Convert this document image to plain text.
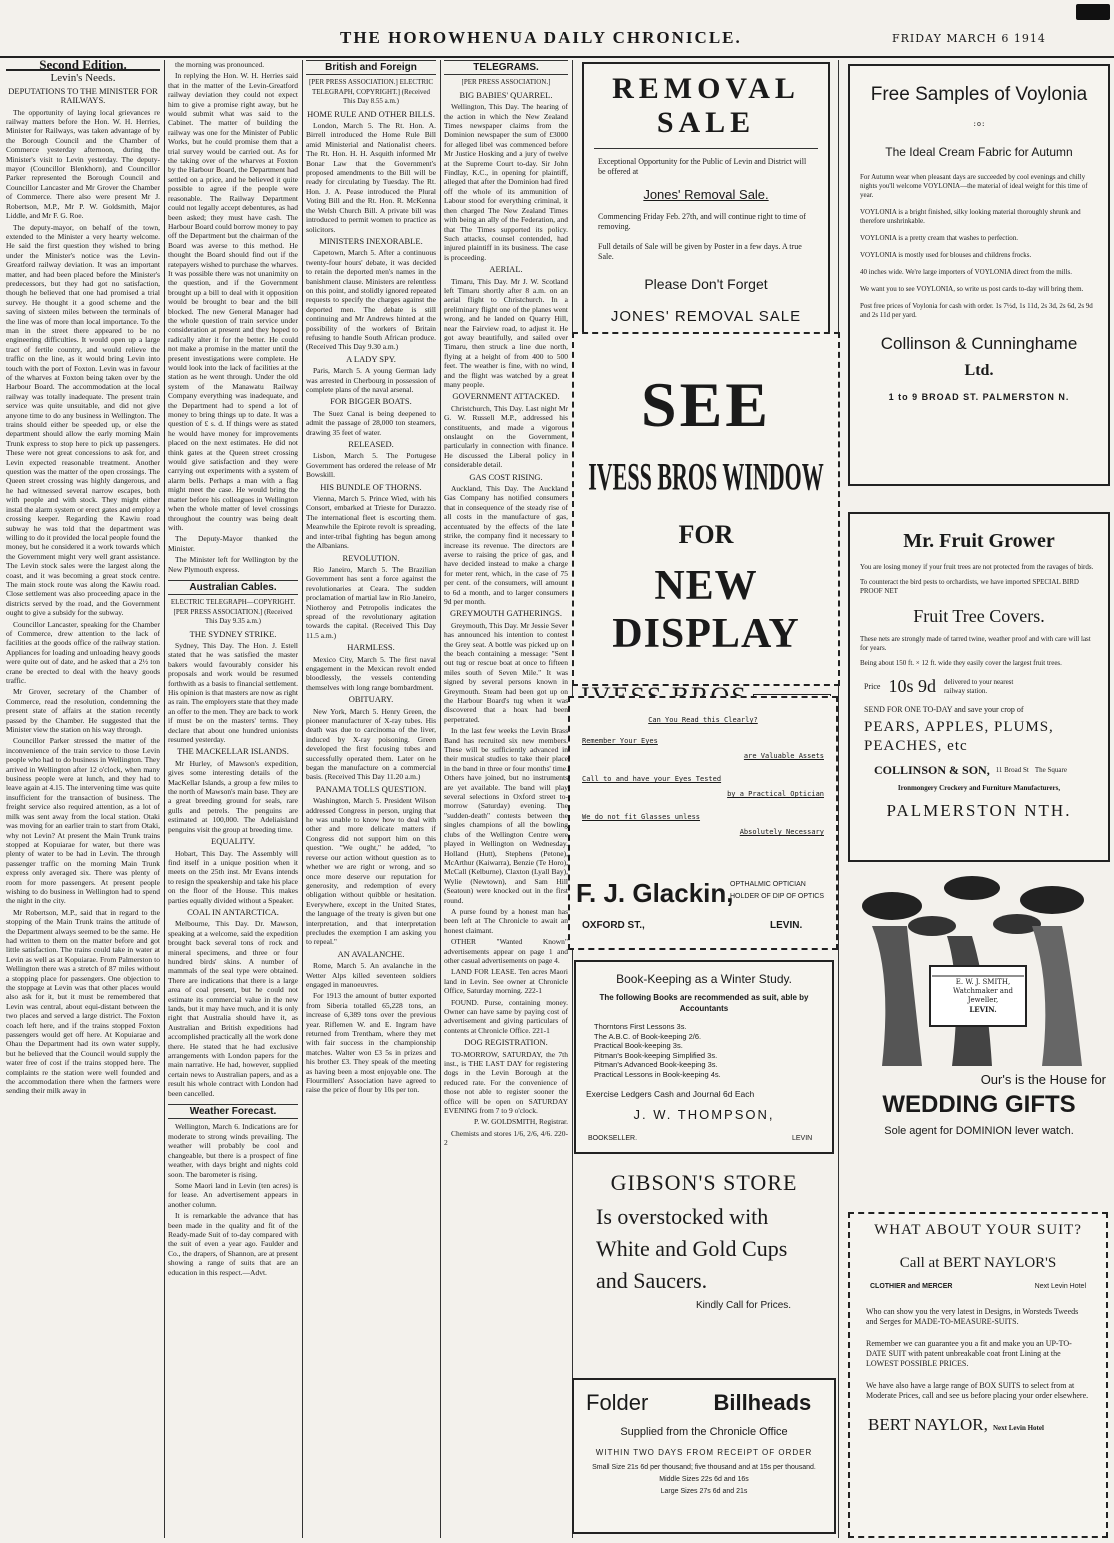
THE HOROWHENUA DAILY CHRONICLE.	FRIDAY MARCH 6 1914
Second Edition.
Levin's Needs.
DEPUTATIONS TO THE MINISTER FOR RAILWAYS.

The opportunity of laying local grievances re railway matters before the Hon. W. H. Herries, Minister for Railways, was taken advantage of by the Borough Council and the Chamber of Commerce yesterday afternoon, during the Minister's visit to Levin yesterday. The deputy-mayor (Councillor Blenkhorn), and Councillor Parker represented the Borough Council and Councillor Lancaster and Mr Grover the Chamber of Commerce. There also were present Mr J. Robertson, M.P., Mr P. W. Goldsmith, Major Liddle, and Mr F. G. Roe.

The deputy-mayor, on behalf of the town, extended to the Minister a very hearty welcome. He said the first question they wished to bring under the Minister's notice was the Levin-Greatford railway deviation. It was an important matter, and had been placed before the Minister's predecessors, but they had got no satisfaction, though he believed that one had promised a trial survey. He thought it a good scheme and the saving of sixteen miles between the terminals of the line was of more than local importance. To the man in the street there appeared to be no engineering difficulties. It would open up a large tract of fertile country, and would relieve the traffic on the line, as it would bring Levin into touch with the port of Foxton. Levin was in favour of the wharves at Foxton being taken over by the Harbour Board. The accommodation at the local railway was totally inadequate. The present train service was quite unsuitable, and did not give anyone time to do any business in Wellington. The trains should either be speeded up, or else the department should allow the early morning Main Trunk express to stop here to pick up passengers. These were not great concessions to ask for, and Levin expected reasonable treatment. Another question was the matter of the open crossings. The Queen street crossing was highly dangerous, and he had witnessed several narrow escapes, both with people and with stock. They might either instal the alarm system or erect gates and employ a crossing keeper. Regarding the Kawiu road subway he was told that the department was willing to do it provided the local people found the money, but he considered it a work towards which the Government might very well grant assistance. The Levin stock sales were the largest along the coast, and it was becoming a great stock centre. The main stock route was along the Kawiu road. Close settlement was also proceeding apace in the districts served by the road, and the Government ought to give a subsidy for the subway.

Councillor Lancaster, speaking for the Chamber of Commerce, drew attention to the lack of facilities at the goods office of the railway station. Appliances for loading and unloading heavy goods were quite out of date, and he asked that a 2½ ton crane be erected to deal with the heavy goods traffic.

Mr Grover, secretary of the Chamber of Commerce, read the resolution, condemning the present state of affairs at the station recently passed by the Chamber. He suggested that the Minister view the station on his way through.

Councillor Parker stressed the matter of the inconvenience of the train service to those Levin people who had to do business in Wellington. They arrived in Wellington after 12 o'clock, when many business people were at lunch, and they had to leave again at 4.15. The intervening time was quite insufficient for the transaction of business. The freight service also required attention, as a lot of milk was sent away from the local station. Otaki was moving for an earlier train to start from Otaki, why not Levin? At present the Main Trunk trains stopped at Kopuiarae for water, but there was plenty of water to be had in Levin. The through passenger traffic on the morning Main Trunk express only averaged six. There was plenty of room for more passengers. At present people wishing to do business in Wellington had to spend the night in the city.

Mr Robertson, M.P., said that in regard to the stopping of the Main Trunk trains the attitude of the Department always seemed to be the same. He had written to them on the matter before and got little satisfaction. The trains could take in water at Levin as well as at Kopuiarae. From Palmerston to Wellington there was a stretch of 87 miles without a stopping place for passengers. One objection to the stoppage at Levin was that other places would also ask for it, but it must be remembered that Levin was central, about equi-distant between the two places and served a large district. The Foxton coach left here, and if the trains stopped Foxton passengers would get off here. At Kopuiarae and Ohau the Department had its own water supply, but he believed that the Council would supply the water free of cost if the trains stopped here. The complaints re the station were well founded and the accommodation there when the farmers were sending their milk away in

the morning was pronounced.

In replying the Hon. W. H. Herries said that in the matter of the Levin-Greatford railway deviation they could not expect him to give a promise right away, but he would submit what was said to the Cabinet. The matter of building the railway was one for the Minister of Public Works, but he could promise them that a trial survey would be carried out. As for the taking over of the wharves at Foxton by the Harbour Board, the Department had settled on a price, and he believed it quite possible to agree if the people were reasonable. The Railway Department could not legally accept debentures, as had been asked; they must have cash. The Harbour Board could borrow money to pay off the Department but the chairman of the Board was averse to this method. He thought the Board should find out if the ratepayers wished to purchase the wharves. It was possible there was not unanimity on the question, and if the Government brought up a bill to deal with it opposition would be brought to bear and the bill blocked. The new General Manager had the whole question of train service under consideration at present and they hoped to radically alter it for the better. He could not make a promise in the matter until the present investigations were complete. He would look into the lack of facilities at the station as he went through. Under the old system of the Manawatu Railway Company everything was inadequate, and the Department had to spend a lot of money to bring things up to date. It was a question of £ s. d. If things were as stated he would have money for improvements placed on the next estimates. He did not think gates at the Queen street crossing would give satisfaction and they were carrying out experiments with a system of alarm bells. Perhaps a man with a flag might meet the case. He would bring the matter before his colleagues in Wellington when the whole matter of level crossings throughout the country was being dealt with.

The Deputy-Mayor thanked the Minister.

The Minister left for Wellington by the New Plymouth express.

Australian Cables.
ELECTRIC TELEGRAPH—COPYRIGHT. [PER PRESS ASSOCIATION.] (Received This Day 9.35 a.m.)
THE SYDNEY STRIKE.

Sydney, This Day. The Hon. J. Estell stated that he was satisfied the master bakers would favourably consider his proposals and work would be resumed forthwith as a basis to financial settlement. His opinion is that masters are now as right as rain. The employers state that they made an offer to the men. They are back to work if must be on the masters' terms. They declare that about one hundred unionists resumed yesterday.

THE MACKELLAR ISLANDS.

Mr Hurley, of Mawson's expedition, gives some interesting details of the MacKellar Islands, a group a few miles to the north of Mawson's main base. They are a great breeding ground for seals, rare gulls and petrels. The penguins are estimated at 100,000. The Adeliaisland penguins visit the group at breeding time.

EQUALITY.

Hobart, This Day. The Assembly will find itself in a unique position when it meets on the 25th inst. Mr Evans intends to resign the speakership and take his place on the floor of the House. This makes parties equally divided without a Speaker.

COAL IN ANTARCTICA.

Melbourne, This Day. Dr. Mawson, speaking at a welcome, said the expedition brought back several tons of rock and mineral specimens, and three or four hundred birds' skins. A number of mammals of the seal type were obtained. There are indications that there is a large area of coal present, but he could not estimate its commercial value in the new lands, but it may have much, and it is only right that Australia should have it, as Australian and British expeditions had accomplished practically all the work done there. He stated that he had exclusive arrangements with London papers for the main narrative. He had, however, supplied certain news to Australian papers, and as a result his whole contract with London had been cancelled.

Weather Forecast.

Wellington, March 6. Indications are for moderate to strong winds prevailing. The weather will probably be cool and changeable, but there is a prospect of fine weather, with days bright and nights cold soon. The barometer is rising.

Some Maori land in Levin (ten acres) is for lease. An advertisement appears in another column.

It is remarkable the advance that has been made in the quality and fit of the Ready-made Suit of to-day compared with the suit of even a year ago. Faulder and Co., the drapers, of Shannon, are at present showing a range of suits that are an education in this respect.—Advt.

British and Foreign
[PER PRESS ASSOCIATION.] ELECTRIC TELEGRAPH, COPYRIGHT.] (Received This Day 8.55 a.m.)
HOME RULE AND OTHER BILLS.

London, March 5. The Rt. Hon. A. Birrell introduced the Home Rule Bill amid Ministerial and Nationalist cheers. The Rt. Hon. H. H. Asquith informed Mr Bonar Law that the Government's proposed amendments to the Bill will be ready for circulating by Tuesday. The Rt. Hon. J. A. Pease introduced the Plural Voting Bill and the Rt. Hon. R. McKenna the Welsh Church Bill. A private bill was introduced to permit women to practice as solicitors.

MINISTERS INEXORABLE.

Capetown, March 5. After a continuous twenty-four hours' debate, it was decided to retain the deported men's names in the banishment clause. Ministers are relentless on this point, and stolidly ignored repeated requests to specify the charges against the deported men. The debate is still continuing and Mr Andrews hinted at the possibility of the workers of Britain refusing to handle South African produce. (Received This Day 9.30 a.m.)

A LADY SPY.

Paris, March 5. A young German lady was arrested in Cherbourg in possession of complete plans of the naval arsenal.

FOR BIGGER BOATS.

The Suez Canal is being deepened to admit the passage of 28,000 ton steamers, drawing 35 feet of water.

RELEASED.

Lisbon, March 5. The Portugese Government has ordered the release of Mr Bowskill.

HIS BUNDLE OF THORNS.

Vienna, March 5. Prince Wied, with his Consort, embarked at Trieste for Durazzo. The international fleet is escorting them. Meanwhile the Epirote revolt is spreading, and inter-tribal fighting has begun among the Albanians.

REVOLUTION.

Rio Janeiro, March 5. The Brazilian Government has sent a force against the revolutionaries at Ceara. The sudden proclamation of martial law in Rio Janeiro, Niotheroy and Petropolis indicates the spread of the revolutionary agitation towards the capital. (Received This Day 11.5 a.m.)

HARMLESS.

Mexico City, March 5. The first naval engagement in the Mexican revolt ended bloodlessly, the vessels contending themselves with long range bombardment.

OBITUARY.

New York, March 5. Henry Green, the pioneer manufacturer of X-ray tubes. His death was due to carcinoma of the liver, induced by X-ray poisoning. Green developed the first focusing tubes and successfully operated them. Later on he began the manufacture on a commercial basis. (Received This Day 11.20 a.m.)

PANAMA TOLLS QUESTION.

Washington, March 5. President Wilson addressed Congress in person, urging that he was unable to know how to deal with other and more delicate matters if Congress did not support him on this question. "We ought," he added, "to reverse our action without question as to whether we are right or wrong, and so once more deserve our reputation for generosity, and redemption of every obligation without quibble or hesitation. Everywhere, except in the United States, the language of the treaty is given but one interpretation, and that interpretation precludes the exemption I am asking you to repeal."

AN AVALANCHE.

Rome, March 5. An avalanche in the Wetter Alps killed seventeen soldiers engaged in manoeuvres.

For 1913 the amount of butter exported from Siberia totalled 65,228 tons, an increase of 6,389 tons over the previous year. Riflemen W. and E. Ingram have returned from Trentham, where they met with fair success in the championship matches. Walter won £3 5s in prizes and his brother £3. They speak of the meeting as having been a most enjoyable one. The Flourmillers' Association have agreed to raise the price of flour by 10s per ton.

TELEGRAMS.
[PER PRESS ASSOCIATION.]
BIG BABIES' QUARREL.

Wellington, This Day. The hearing of the action in which the New Zealand Times newspaper claims from the Dominion newspaper the sum of £3000 for alleged libel was commenced before Mr Justice Hosking and a jury of twelve at the Supreme Court to-day. Sir John Findlay, K.C., in opening for plaintiff, alleged that after the Dominion had fired off the whole of its ammunition of Labour stood for everything criminal, it then charged The New Zealand Times with being an ally of the Federation, and that The Times supported its policy. Such attacks, counsel contended, had injured plaintiff in its business. The case is proceeding.

AERIAL.

Timaru, This Day. Mr J. W. Scotland left Timaru shortly after 8 a.m. on an aerial flight to Christchurch. In a preliminary flight one of the planes went wrong, and he landed on Quarry Hill, near the Fairview road, to adjust it. He got away beautifully, and sailed over Timaru, then struck a line due north, flying at a height of from 400 to 500 feet. The weather is fine, with no wind, and the flight was watched by a great many people.

GOVERNMENT ATTACKED.

Christchurch, This Day. Last night Mr G. W. Russell M.P., addressed his constituents, and made a vigorous onslaught on the Government, particularly in connection with finance. He discussed the Liberal policy in considerable detail.

GAS COST RISING.

Auckland, This Day. The Auckland Gas Company has notified consumers that in consequence of the steady rise of all costs in the manufacture of gas, accentuated by the effects of the late strike, the company find it necessary to increase its revenue. The directors are averse to raising the price of gas, and have decided instead to make a charge for meter rent, which, in the case of 75 per cent. of the consumers, will amount to 6d a month, and to larger consumers 9d per month.

GREYMOUTH GATHERINGS.

Greymouth, This Day. Mr Jessie Sever has announced his intention to contest the Grey seat. A bottle was picked up on the beach containing a message: "Sent out tug or rescue boat at once to fifteen miles south of Seven Mile." It was signed by several persons known in Greymouth. Steam had been got up on the Harbour Board's tug when it was discovered that a hoax had been perpetrated.

In the last few weeks the Levin Brass Band has recruited six new members. These will be sufficiently advanced in their musical studies to take their place in the band in three or four months' time. Others have joined, but no instruments are yet available. The band will play several selections in Oxford street to-morrow (Saturday) evening. The "sudden-death" contests between the singles champions of all the bowling clubs of the Wellington Centre were played in Wellington on Wednesday. Holland (Hutt), Stephens (Petone), McArthur (Kaiwarra), Benzie (Te Horo), McCall (Kelburne), Claxton (Lyall Bay), Wylie (Newtown), and Sam Hill (Seatoun) were knocked out in the first round.

A purse found by a honest man has been left at The Chronicle to await an honest claimant.

OTHER "Wanted Known" advertisements appear on page 1 and other casual advertisements on page 4.

LAND FOR LEASE. Ten acres Maori land in Levin. See owner at Chronicle Office, Saturday morning. 222-1

FOUND. Purse, containing money. Owner can have same by paying cost of advertisement and giving particulars of contents at Chronicle Office. 221-1

DOG REGISTRATION.

TO-MORROW, SATURDAY, the 7th inst., is THE LAST DAY for registering dogs in the Levin Borough at the reduced rate. For the convenience of those not able to register sooner the office will be open on SATURDAY EVENING from 7 to 9 o'clock.

P. W. GOLDSMITH, Registrar.

Chemists and stores 1/6, 2/6, 4/6. 220-2

REMOVAL SALE
Exceptional Opportunity for the Public of Levin and District will be offered at
Jones' Removal Sale.
Commencing Friday Feb. 27th, and will continue right to time of removing.
Full details of Sale will be given by Poster in a few days. A true Sale.
Please Don't Forget
JONES' REMOVAL SALE
SEE
IVESS BROS WINDOW
FOR
NEW DISPLAY
Can You Read this Clearly?
Remember Your Eyes
are Valuable Assets
Call to and have your Eyes Tested
by a Practical Optician
We do not fit Glasses unless
Absolutely Necessary
F. J. Glackin,
OPTHALMIC OPTICIAN
HOLDER OF DIP OF OPTICS
OXFORD ST.,	LEVIN.
Book-Keeping as a Winter Study.
The following Books are recommended as suit, able by Accountants
Thorntons First Lessons 3s.
The A.B.C. of Book-keeping 2/6.
Practical Book-keeping 3s.
Pitman's Book-keeping Simplified 3s.
Pitman's Advanced Book-keeping 3s.
Practical Lessons in Book-keeping 4s.
Exercise Ledgers Cash and Journal 6d Each
J. W. THOMPSON,
BOOKSELLER.	LEVIN
GIBSON'S STORE
Is overstocked with
White and Gold Cups
and Saucers.
Kindly Call for Prices.
Folder	Billheads
Supplied from the Chronicle Office
WITHIN TWO DAYS FROM RECEIPT OF ORDER
Small Size 21s 6d per thousand; five thousand and at 15s per thousand.
Middle Sizes 22s 6d and 16s
Large Sizes 27s 6d and 21s
Free Samples of Voylonia
:o:
The Ideal Cream Fabric for Autumn
For Autumn wear when pleasant days are succeeded by cool evenings and chilly nights you'll welcome VOYLONIA—the material of ideal weight for this time of year.
VOYLONIA is a bright finished, silky looking material thoroughly shrunk and therefore unshrinkable.
VOYLONIA is a pretty cream that washes to perfection.
VOYLONIA is mostly used for blouses and childrens frocks.
40 inches wide. We're large importers of VOYLONIA direct from the mills.
We want you to see VOYLONIA, so write us post cards to-day will bring them.
Post free prices of Voylonia for cash with order. 1s 7½d, 1s 11d, 2s 3d, 2s 6d, 2s 9d and 2s 11d per yard.
Collinson & Cunninghame
Ltd.
1 to 9 BROAD ST. PALMERSTON N.
Mr. Fruit Grower
You are losing money if your fruit trees are not protected from the ravages of birds.
To counteract the bird pests to orchardists, we have imported SPECIAL BIRD PROOF NET
Fruit Tree Covers.
These nets are strongly made of tarred twine, weather proof and with care will last for years.
Being about 150 ft. × 12 ft. wide they easily cover the largest fruit trees.
Price 10s 9d delivered to your nearest railway station.
SEND FOR ONE TO-DAY and save your crop of
PEARS, APPLES, PLUMS,
PEACHES, etc
COLLINSON & SON, 11 Broad St The Square
Ironmongery Crockery and Furniture Manufacturers,
PALMERSTON NTH.
E. W. J. SMITH,
Watchmaker and Jeweller,
LEVIN.
Our's is the House for
WEDDING GIFTS
Sole agent for DOMINION lever watch.
WHAT ABOUT YOUR SUIT?
Call at BERT NAYLOR'S
CLOTHIER and MERCER	Next Levin Hotel
Who can show you the very latest in Designs, in Worsteds Tweeds and Serges for MADE-TO-MEASURE-SUITS.
Remember we can guarantee you a fit and make you an UP-TO-DATE SUIT with patent unbreakable coat front Lining at the LOWEST POSSIBLE PRICES.
We have also have a large range of BOX SUITS to select from at Moderate Prices, call and see us before placing your order elsewhere.
BERT NAYLOR, Next Levin Hotel
